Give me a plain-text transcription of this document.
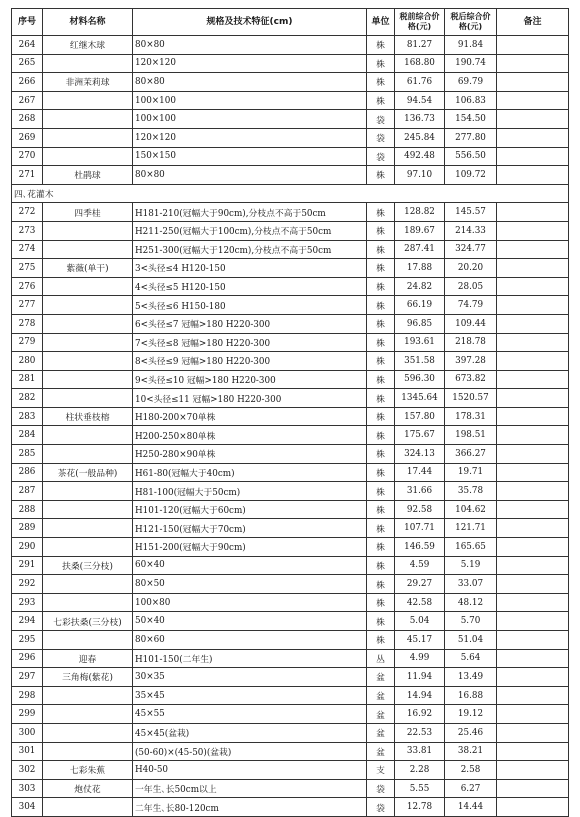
序号	材料名称	规格及技术特征(cm)	单位	税前综合价格(元)	税后综合价格(元)	备注
264	红继木球	80×80	株	81.27	91.84	
265		120×120	株	168.80	190.74	
266	非洲茉莉球	80×80	株	61.76	69.79	
267		100×100	株	94.54	106.83	
268		100×100	袋	136.73	154.50	
269		120×120	袋	245.84	277.80	
270		150×150	袋	492.48	556.50	
271	杜鹃球	80×80	株	97.10	109.72	
四､花灌木						
272	四季桂	H181-210(冠幅大于90cm),分枝点不高于50cm	株	128.82	145.57	
273		H211-250(冠幅大于100cm),分枝点不高于50cm	株	189.67	214.33	
274		H251-300(冠幅大于120cm),分枝点不高于50cm	株	287.41	324.77	
275	紫薇(单干)	3<头径≤4 H120-150	株	17.88	20.20	
276		4<头径≤5 H120-150	株	24.82	28.05	
277		5<头径≤6 H150-180	株	66.19	74.79	
278		6<头径≤7 冠幅>180 H220-300	株	96.85	109.44	
279		7<头径≤8 冠幅>180 H220-300	株	193.61	218.78	
280		8<头径≤9 冠幅>180 H220-300	株	351.58	397.28	
281		9<头径≤10 冠幅>180 H220-300	株	596.30	673.82	
282		10<头径≤11 冠幅>180 H220-300	株	1345.64	1520.57	
283	柱状垂枝榕	H180-200×70单株	株	157.80	178.31	
284		H200-250×80单株	株	175.67	198.51	
285		H250-280×90单株	株	324.13	366.27	
286	茶花(一般品种)	H61-80(冠幅大于40cm)	株	17.44	19.71	
287		H81-100(冠幅大于50cm)	株	31.66	35.78	
288		H101-120(冠幅大于60cm)	株	92.58	104.62	
289		H121-150(冠幅大于70cm)	株	107.71	121.71	
290		H151-200(冠幅大于90cm)	株	146.59	165.65	
291	扶桑(三分枝)	60×40	株	4.59	5.19	
292		80×50	株	29.27	33.07	
293		100×80	株	42.58	48.12	
294	七彩扶桑(三分枝)	50×40	株	5.04	5.70	
295		80×60	株	45.17	51.04	
296	迎春	H101-150(二年生)	丛	4.99	5.64	
297	三角梅(紫花)	30×35	盆	11.94	13.49	
298		35×45	盆	14.94	16.88	
299		45×55	盆	16.92	19.12	
300		45×45(盆栽)	盆	22.53	25.46	
301		(50-60)×(45-50)(盆栽)	盆	33.81	38.21	
302	七彩朱蕉	H40-50	支	2.28	2.58	
303	炮仗花	一年生､长50cm以上	袋	5.55	6.27	
304		二年生､长80-120cm	袋	12.78	14.44	
